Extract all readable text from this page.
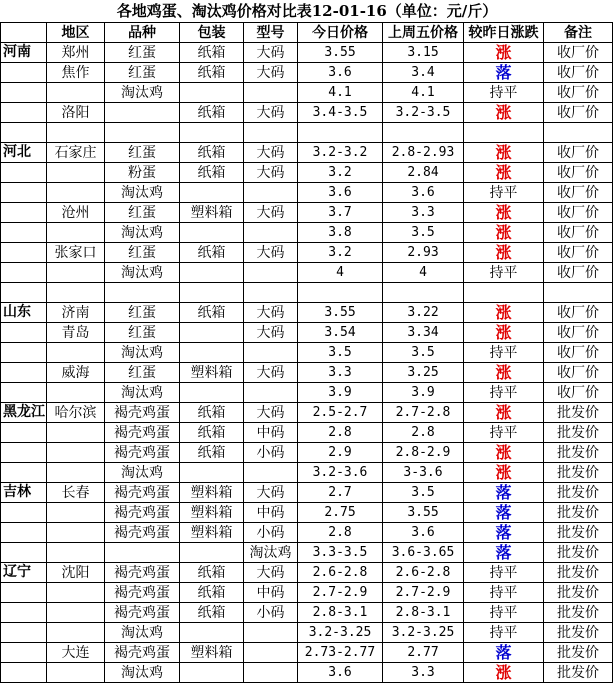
各地鸡蛋、淘汰鸡价格对比表12-01-16（单位：元/斤）
	地区	品种	包装	型号	今日价格	上周五价格	较昨日涨跌	备注
河南	郑州	红蛋	纸箱	大码	3.55	3.15	涨	收厂价
	焦作	红蛋	纸箱	大码	3.6	3.4	落	收厂价
		淘汰鸡			4.1	4.1	持平	收厂价
	洛阳		纸箱	大码	3.4-3.5	3.2-3.5	涨	收厂价

河北	石家庄	红蛋	纸箱	大码	3.2-3.2	2.8-2.93	涨	收厂价
		粉蛋	纸箱	大码	3.2	2.84	涨	收厂价
		淘汰鸡			3.6	3.6	持平	收厂价
	沧州	红蛋	塑料箱	大码	3.7	3.3	涨	收厂价
		淘汰鸡			3.8	3.5	涨	收厂价
	张家口	红蛋	纸箱	大码	3.2	2.93	涨	收厂价
		淘汰鸡			4	4	持平	收厂价

山东	济南	红蛋	纸箱	大码	3.55	3.22	涨	收厂价
	青岛	红蛋		大码	3.54	3.34	涨	收厂价
		淘汰鸡			3.5	3.5	持平	收厂价
	威海	红蛋	塑料箱	大码	3.3	3.25	涨	收厂价
		淘汰鸡			3.9	3.9	持平	收厂价
黑龙江	哈尔滨	褐壳鸡蛋	纸箱	大码	2.5-2.7	2.7-2.8	涨	批发价
		褐壳鸡蛋	纸箱	中码	2.8	2.8	持平	批发价
		褐壳鸡蛋	纸箱	小码	2.9	2.8-2.9	涨	批发价
		淘汰鸡			3.2-3.6	3-3.6	涨	批发价
吉林	长春	褐壳鸡蛋	塑料箱	大码	2.7	3.5	落	批发价
		褐壳鸡蛋	塑料箱	中码	2.75	3.55	落	批发价
		褐壳鸡蛋	塑料箱	小码	2.8	3.6	落	批发价
				淘汰鸡	3.3-3.5	3.6-3.65	落	批发价
辽宁	沈阳	褐壳鸡蛋	纸箱	大码	2.6-2.8	2.6-2.8	持平	批发价
		褐壳鸡蛋	纸箱	中码	2.7-2.9	2.7-2.9	持平	批发价
		褐壳鸡蛋	纸箱	小码	2.8-3.1	2.8-3.1	持平	批发价
		淘汰鸡			3.2-3.25	3.2-3.25	持平	批发价
	大连	褐壳鸡蛋	塑料箱		2.73-2.77	2.77	落	批发价
		淘汰鸡			3.6	3.3	涨	批发价
